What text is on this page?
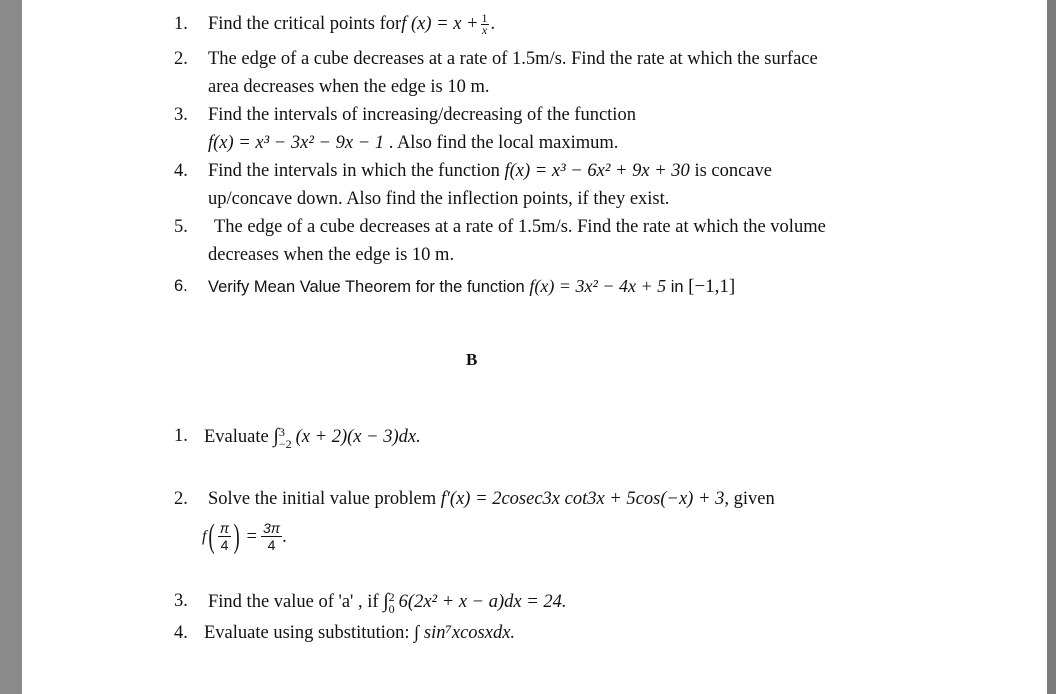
1. Find the critical points forf $(x) = x + \frac{1}{x}$ .
2. The edge of a cube decreases at a rate of 1.5m/s. Find the rate at which the surface
area decreases when the edge is 10 m.
3. Find the intervals of increasing/decreasing of the function
f(x) = x³ − 3x² − 9x − 1 . Also find the local maximum.
4. Find the intervals in which the function f(x) = x³ − 6x² + 9x + 30 is concave
up/concave down. Also find the inflection points, if they exist.
5. The edge of a cube decreases at a rate of 1.5m/s. Find the rate at which the volume
decreases when the edge is 10 m.
6. Verify Mean Value Theorem for the function f(x) = 3x² − 4x + 5 in [−1,1]
B
1. Evaluate ∫ 3
−2 (x + 2)(x − 3)dx.
2. Solve the initial value problem f′(x) = 2cosec3x cot3x + 5cos(−x) + 3, given
$f( \frac{\pi}{4}$ ) = $\frac{3\pi}{4}$ .
3. Find the value of 'a' , if ∫ 2
0 6(2x² + x − a)dx = 24.
4. Evaluate using substitution: ∫ sin⁷xcosxdx.
